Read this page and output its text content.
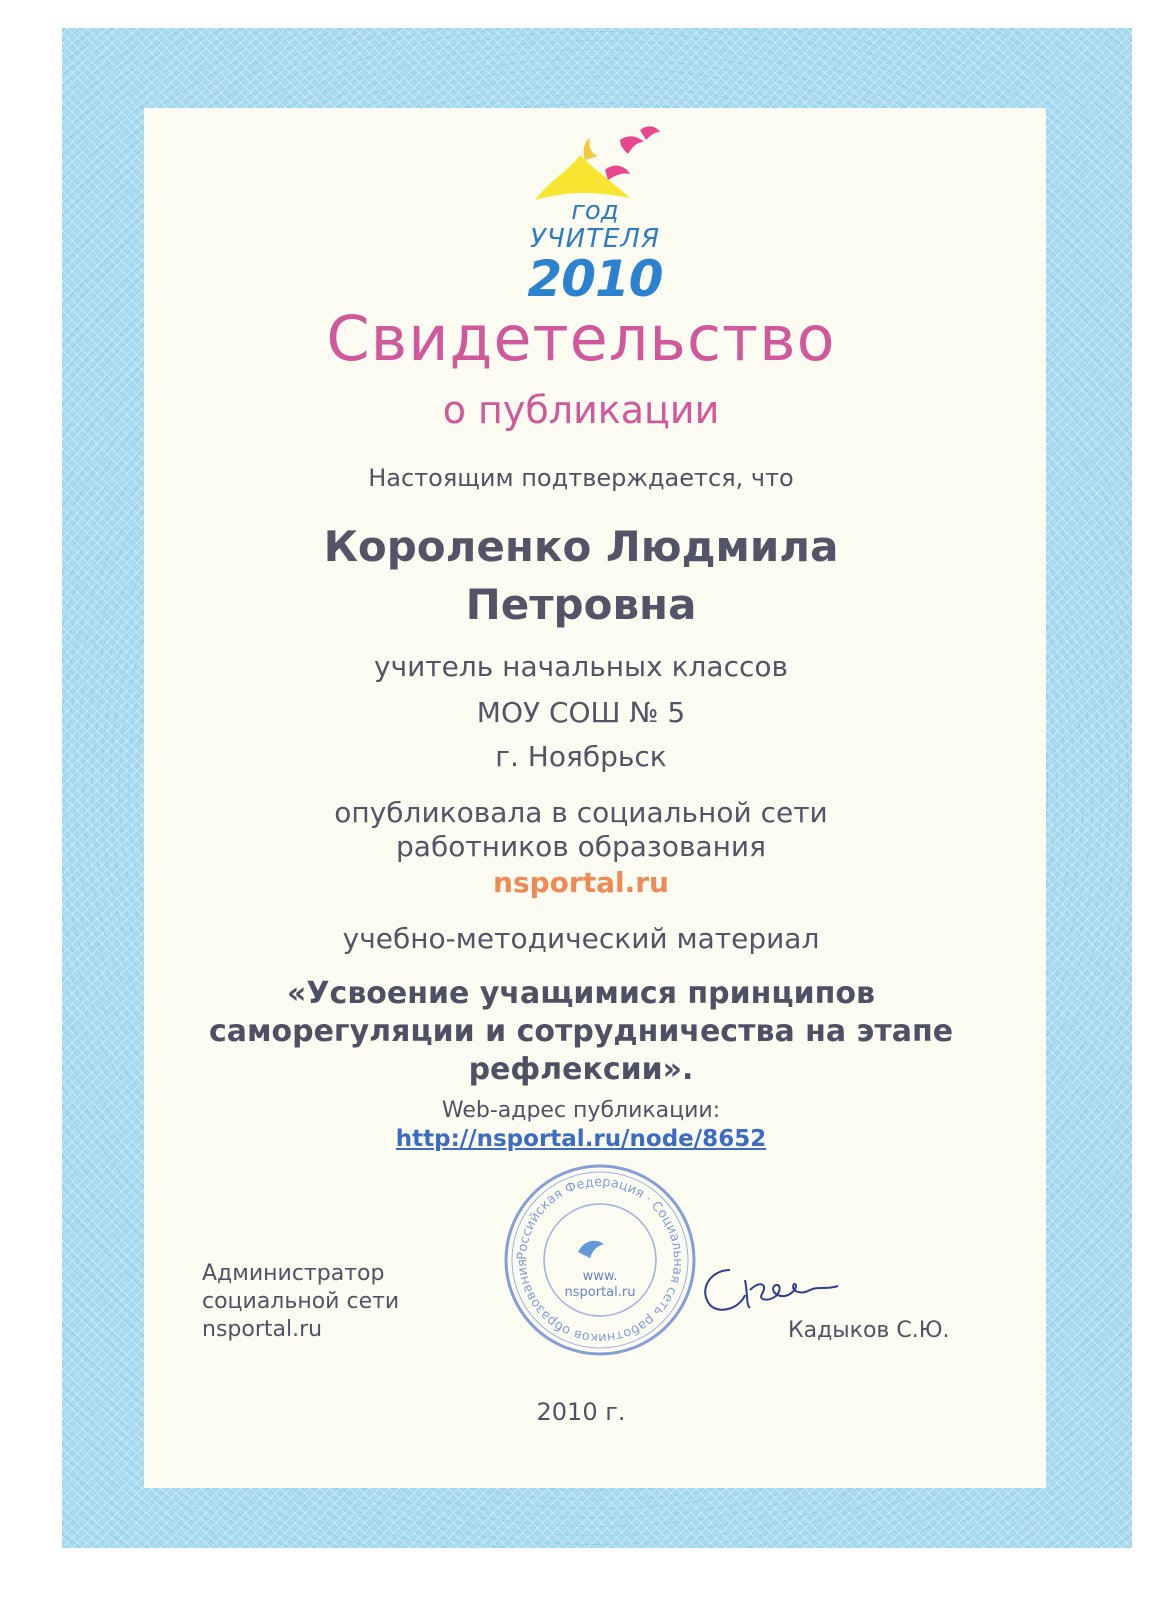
год
УЧИТЕЛЯ
2010
Свидетельство
о публикации
Настоящим подтверждается, что
Короленко Людмила
Петровна
учитель начальных классов
МОУ СОШ № 5
г. Ноябрьск
опубликовала в социальной сети
работников образования
nsportal.ru
учебно-методический материал
«Усвоение учащимися принципов
саморегуляции и сотрудничества на этапе
рефлексии».
Web-адрес публикации:
http://nsportal.ru/node/8652
Администратор
социальной сети
nsportal.ru
Российская Федерация · Социальная сеть работников образования
www.
nsportal.ru
Кадыков С.Ю.
2010 г.
